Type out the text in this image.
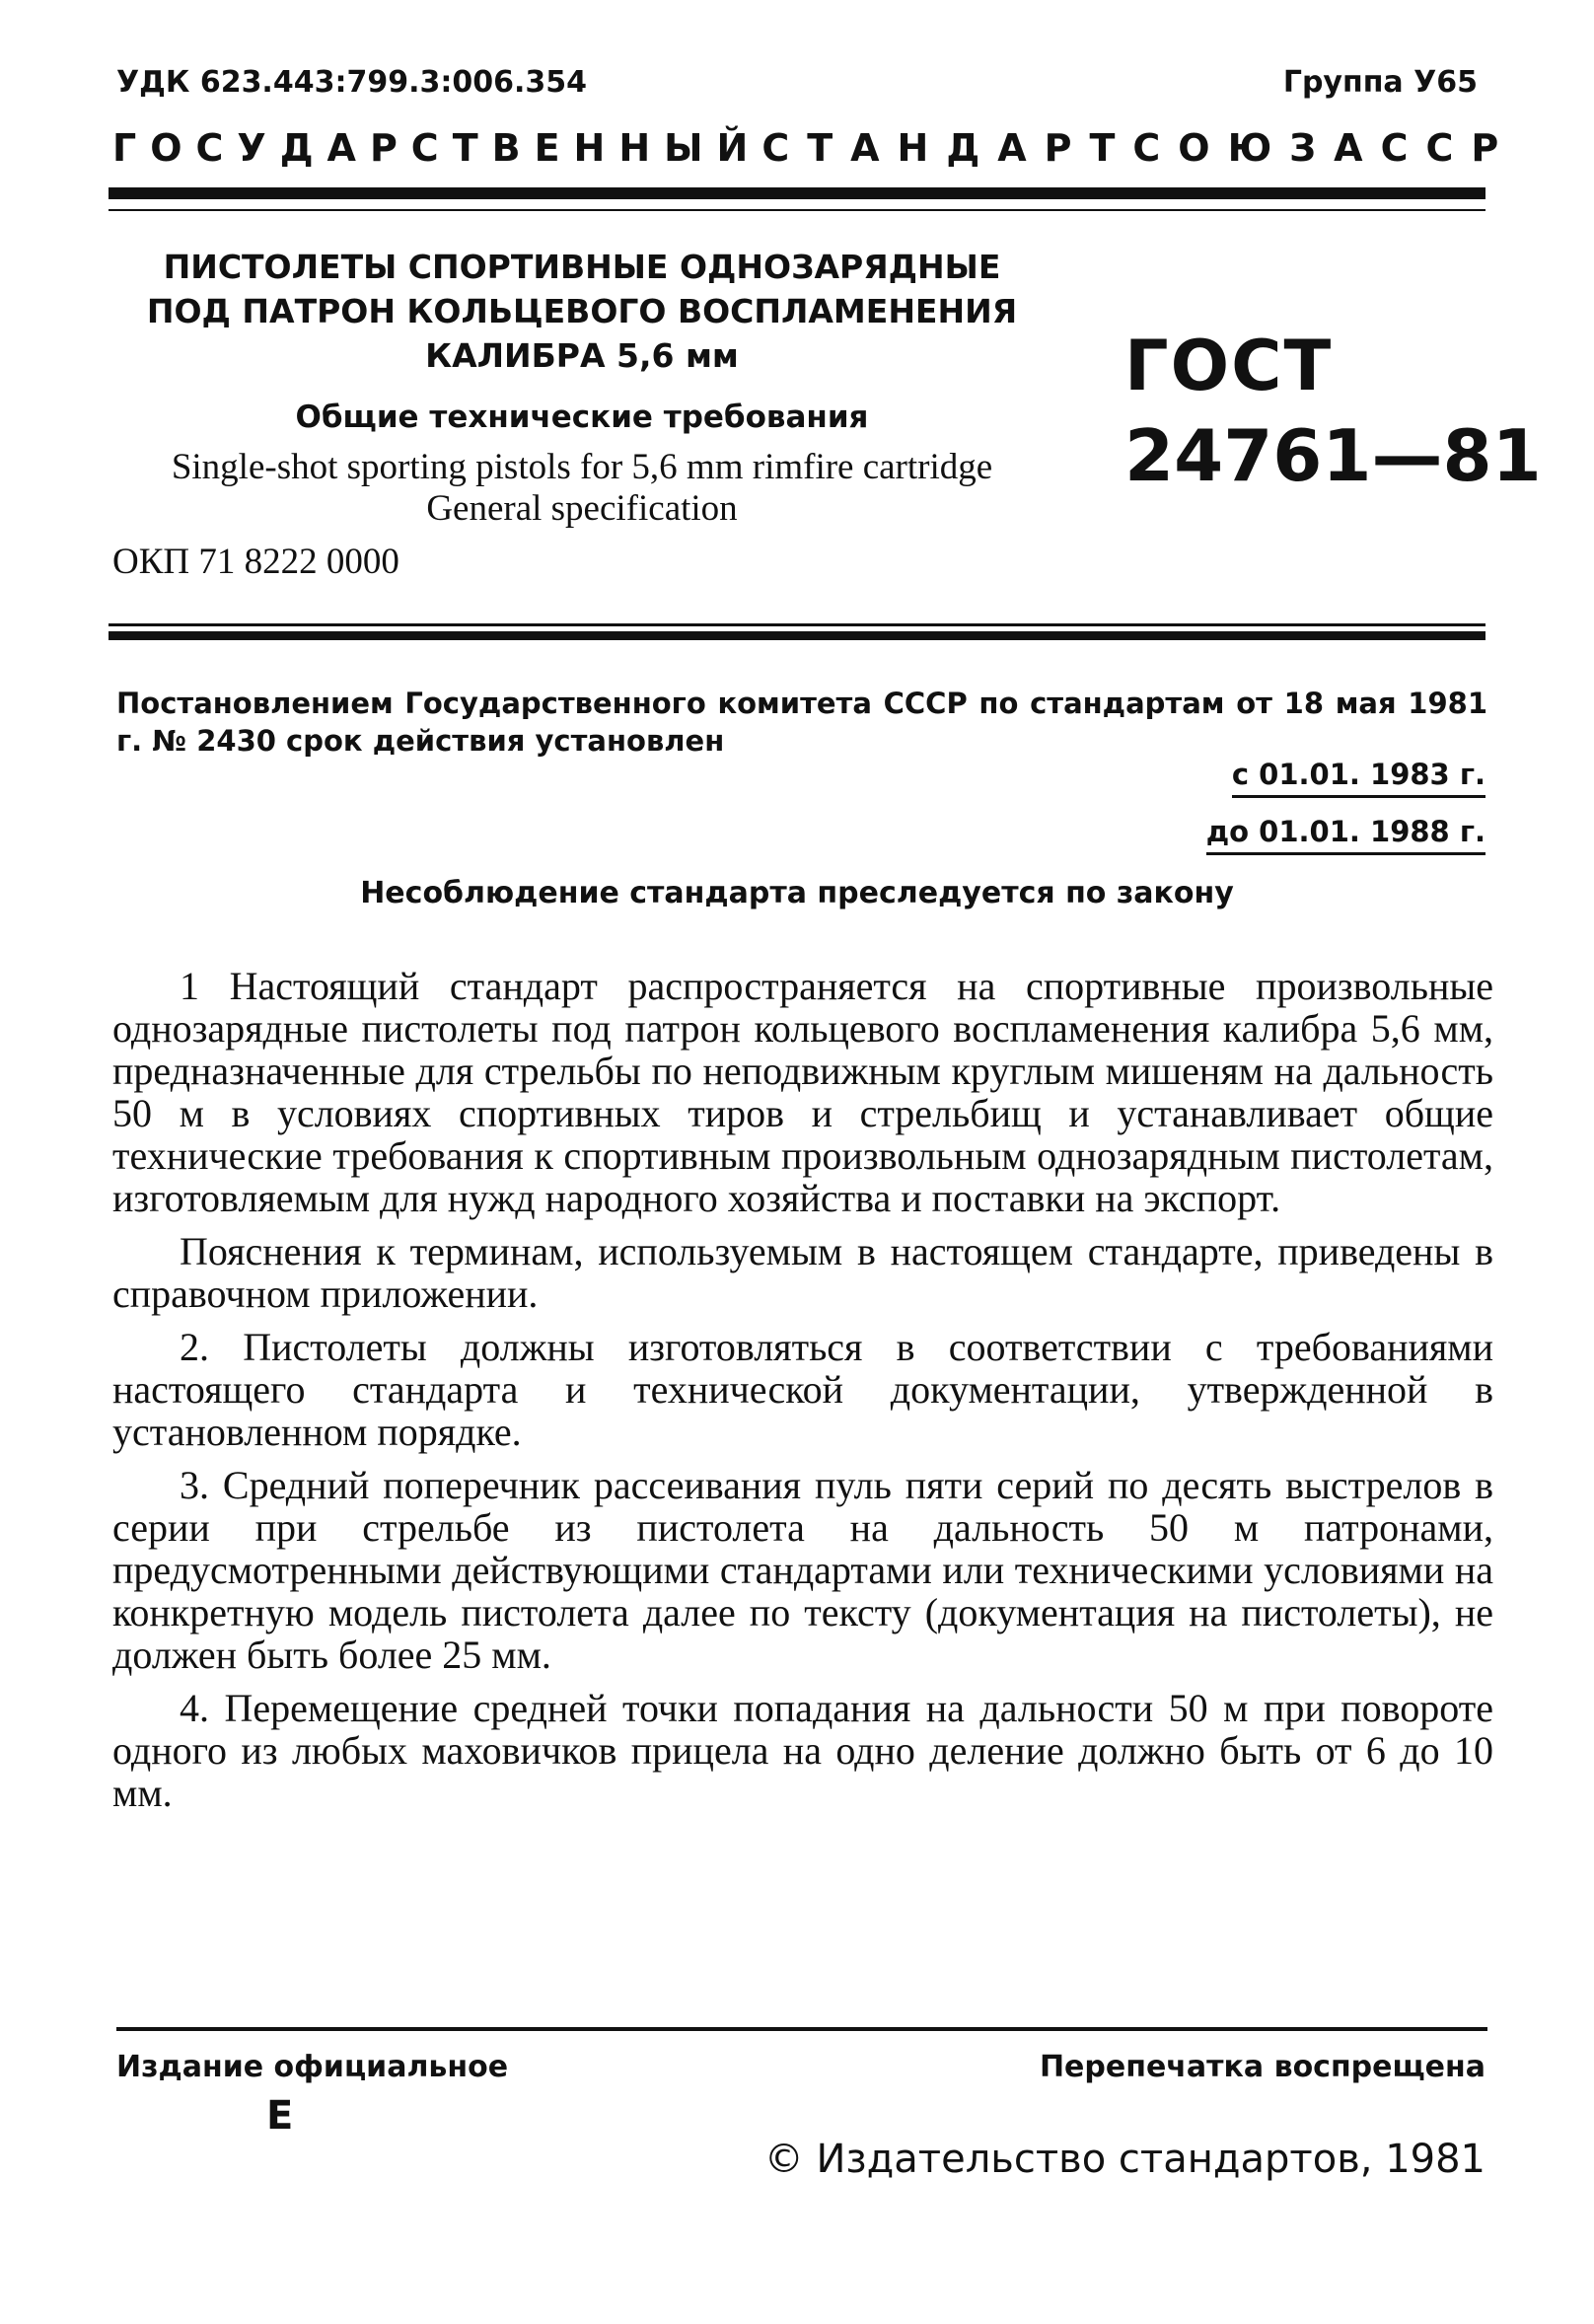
УДК 623.443:799.3:006.354	Группа У65
ГОСУДАРСТВЕННЫЙ СТАНДАРТ СОЮЗА ССР
ПИСТОЛЕТЫ СПОРТИВНЫЕ ОДНОЗАРЯДНЫЕ
ПОД ПАТРОН КОЛЬЦЕВОГО ВОСПЛАМЕНЕНИЯ
КАЛИБРА 5,6 мм
Общие технические требования
Single-shot sporting pistols for 5,6 mm rimfire cartridge
General specification
ОКП 71 8222 0000
ГОСТ
24761—81
Постановлением Государственного комитета СССР по стандартам от 18 мая 1981 г. № 2430 срок действия установлен
с 01.01. 1983 г.
до 01.01. 1988 г.
Несоблюдение стандарта преследуется по закону

1 Настоящий стандарт распространяется на спортивные произвольные однозарядные пистолеты под патрон кольцевого воспламенения калибра 5,6 мм, предназначенные для стрельбы по неподвижным круглым мишеням на дальность 50 м в условиях спортивных тиров и стрельбищ и устанавливает общие технические требования к спортивным произвольным однозарядным пистолетам, изготовляемым для нужд народного хозяйства и поставки на экспорт.

Пояснения к терминам, используемым в настоящем стандарте, приведены в справочном приложении.

2. Пистолеты должны изготовляться в соответствии с требованиями настоящего стандарта и технической документации, утвержденной в установленном порядке.

3. Средний поперечник рассеивания пуль пяти серий по десять выстрелов в серии при стрельбе из пистолета на дальность 50 м патронами, предусмотренными действующими стандартами или техническими условиями на конкретную модель пистолета далее по тексту (документация на пистолеты), не должен быть более 25 мм.

4. Перемещение средней точки попадания на дальности 50 м при повороте одного из любых маховичков прицела на одно деление должно быть от 6 до 10 мм.

Издание официальное	Перепечатка воспрещена
Е
© Издательство стандартов, 1981
